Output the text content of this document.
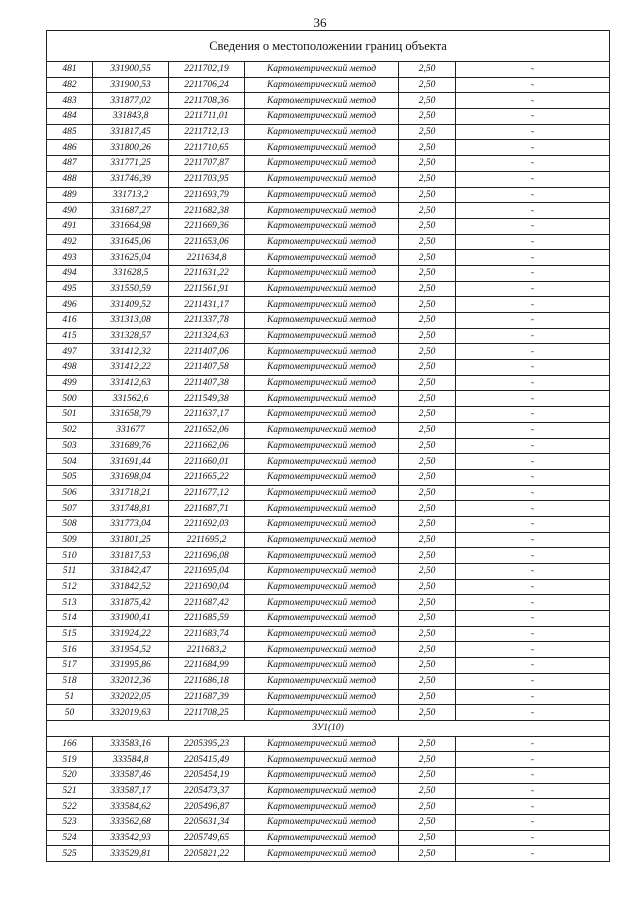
36
Сведения о местоположении границ объекта					
481	331900,55	2211702,19	Картометрический метод	2,50	-
482	331900,53	2211706,24	Картометрический метод	2,50	-
483	331877,02	2211708,36	Картометрический метод	2,50	-
484	331843,8	2211711,01	Картометрический метод	2,50	-
485	331817,45	2211712,13	Картометрический метод	2,50	-
486	331800,26	2211710,65	Картометрический метод	2,50	-
487	331771,25	2211707,87	Картометрический метод	2,50	-
488	331746,39	2211703,95	Картометрический метод	2,50	-
489	331713,2	2211693,79	Картометрический метод	2,50	-
490	331687,27	2211682,38	Картометрический метод	2,50	-
491	331664,98	2211669,36	Картометрический метод	2,50	-
492	331645,06	2211653,06	Картометрический метод	2,50	-
493	331625,04	2211634,8	Картометрический метод	2,50	-
494	331628,5	2211631,22	Картометрический метод	2,50	-
495	331550,59	2211561,91	Картометрический метод	2,50	-
496	331409,52	2211431,17	Картометрический метод	2,50	-
416	331313,08	2211337,78	Картометрический метод	2,50	-
415	331328,57	2211324,63	Картометрический метод	2,50	-
497	331412,32	2211407,06	Картометрический метод	2,50	-
498	331412,22	2211407,58	Картометрический метод	2,50	-
499	331412,63	2211407,38	Картометрический метод	2,50	-
500	331562,6	2211549,38	Картометрический метод	2,50	-
501	331658,79	2211637,17	Картометрический метод	2,50	-
502	331677	2211652,06	Картометрический метод	2,50	-
503	331689,76	2211662,06	Картометрический метод	2,50	-
504	331691,44	2211660,01	Картометрический метод	2,50	-
505	331698,04	2211665,22	Картометрический метод	2,50	-
506	331718,21	2211677,12	Картометрический метод	2,50	-
507	331748,81	2211687,71	Картометрический метод	2,50	-
508	331773,04	2211692,03	Картометрический метод	2,50	-
509	331801,25	2211695,2	Картометрический метод	2,50	-
510	331817,53	2211696,08	Картометрический метод	2,50	-
511	331842,47	2211695,04	Картометрический метод	2,50	-
512	331842,52	2211690,04	Картометрический метод	2,50	-
513	331875,42	2211687,42	Картометрический метод	2,50	-
514	331900,41	2211685,59	Картометрический метод	2,50	-
515	331924,22	2211683,74	Картометрический метод	2,50	-
516	331954,52	2211683,2	Картометрический метод	2,50	-
517	331995,86	2211684,99	Картометрический метод	2,50	-
518	332012,36	2211686,18	Картометрический метод	2,50	-
51	332022,05	2211687,39	Картометрический метод	2,50	-
50	332019,63	2211708,25	Картометрический метод	2,50	-
ЗУ1(10)					
166	333583,16	2205395,23	Картометрический метод	2,50	-
519	333584,8	2205415,49	Картометрический метод	2,50	-
520	333587,46	2205454,19	Картометрический метод	2,50	-
521	333587,17	2205473,37	Картометрический метод	2,50	-
522	333584,62	2205496,87	Картометрический метод	2,50	-
523	333562,68	2205631,34	Картометрический метод	2,50	-
524	333542,93	2205749,65	Картометрический метод	2,50	-
525	333529,81	2205821,22	Картометрический метод	2,50	-
